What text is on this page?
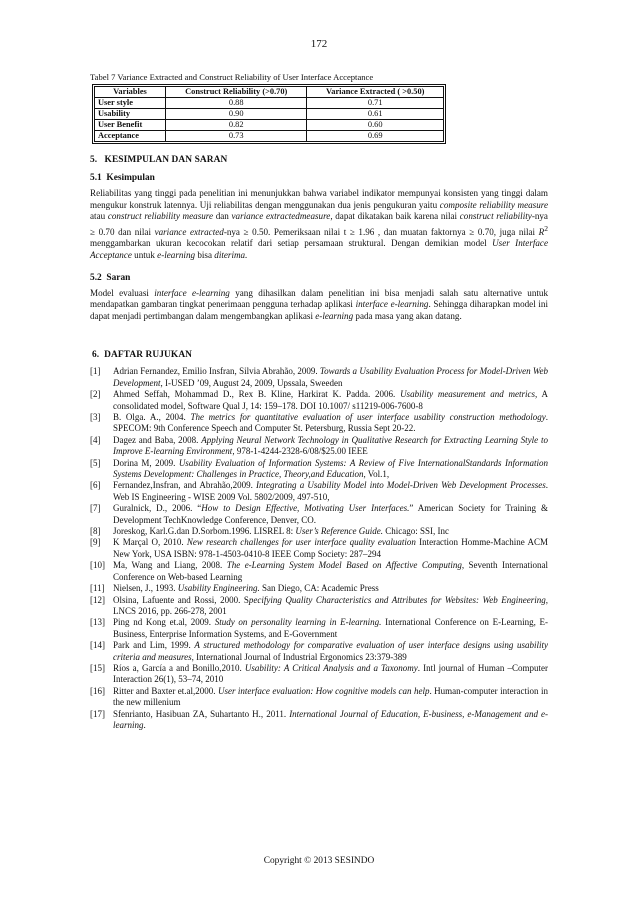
172

Tabel 7 Variance Extracted and Construct Reliability of User Interface Acceptance

Variables	Construct Reliability (>0.70)	Variance Extracted ( >0.50)
User style	0.88	0.71
Usability	0.90	0.61
User Benefit	0.82	0.60
Acceptance	0.73	0.69
5.   KESIMPULAN DAN SARAN
5.1  Kesimpulan

Reliabilitas yang tinggi pada penelitian ini menunjukkan bahwa variabel indikator mempunyai konsisten yang tinggi dalam mengukur konstruk latennya. Uji reliabilitas dengan menggunakan dua jenis pengukuran yaitu composite reliability measure atau construct reliability measure dan variance extractedmeasure, dapat dikatakan baik karena nilai construct reliability-nya ≥ 0.70 dan nilai variance extracted-nya ≥ 0.50. Pemeriksaan nilai t ≥ 1.96 , dan muatan faktornya ≥ 0.70, juga nilai $R^2$ menggambarkan ukuran kecocokan relatif dari setiap persamaan struktural. Dengan demikian model User Interface Acceptance untuk e-learning bisa diterima.

5.2  Saran

Model evaluasi interface e-learning yang dihasilkan dalam penelitian ini bisa menjadi salah satu alternative untuk mendapatkan gambaran tingkat penerimaan pengguna terhadap aplikasi interface e-learning. Sehingga diharapkan model ini dapat menjadi pertimbangan dalam mengembangkan aplikasi e-learning pada masa yang akan datang.

6.  DAFTAR RUJUKAN
[1] Adrian Fernandez, Emilio Insfran, Silvia Abrahão, 2009. Towards a Usability Evaluation Process for Model-Driven Web Development, I-USED ’09, August 24, 2009, Upssala, Sweeden
[2] Ahmed Seffah, Mohammad D., Rex B. Kline, Harkirat K. Padda. 2006. Usability measurement and metrics, A consolidated model, Software Qual J, 14: 159–178. DOI 10.1007/ s11219-006-7600-8
[3] B. Olga. A., 2004. The metrics for quantitative evaluation of user interface usability construction methodology. SPECOM: 9th Conference Speech and Computer St. Petersburg, Russia Sept 20-22.
[4] Dagez and Baba, 2008. Applying Neural Network Technology in Qualitative Research for Extracting Learning Style to Improve E-learning Environment, 978-1-4244-2328-6/08/$25.00 IEEE
[5] Dorina M, 2009. Usability Evaluation of Information Systems: A Review of Five InternationalStandards Information Systems Development: Challenges in Practice, Theory,and Education, Vol.1,
[6] Fernandez,Insfran, and Abrahão,2009. Integrating a Usability Model into Model-Driven Web Development Processes. Web IS Engineering - WISE 2009 Vol. 5802/2009, 497-510,
[7] Guralnick, D., 2006. “How to Design Effective, Motivating User Interfaces.” American Society for Training & Development TechKnowledge Conference, Denver, CO.
[8] Joreskog, Karl.G.dan D.Sorbom.1996. LISREL 8: User’s Reference Guide. Chicago: SSI, Inc
[9] K Marçal O, 2010. New research challenges for user interface quality evaluation Interaction Homme-Machine ACM New York, USA ISBN: 978-1-4503-0410-8 IEEE Comp Society: 287–294
[10] Ma, Wang and Liang, 2008. The e-Learning System Model Based on Affective Computing, Seventh International Conference on Web-based Learning
[11] Nielsen, J., 1993. Usability Engineering. San Diego, CA: Academic Press
[12] Olsina, Lafuente and Rossi, 2000. Specifying Quality Characteristics and Attributes for Websites: Web Engineering, LNCS 2016, pp. 266-278, 2001
[13] Ping nd Kong et.al, 2009. Study on personality learning in E-learning. International Conference on E-Learning, E-Business, Enterprise Information Systems, and E-Government
[14] Park and Lim, 1999. A structured methodology for comparative evaluation of user interface designs using usability criteria and measures, International Journal of Industrial Ergonomics 23:379-389
[15] Ríos a, García a and Bonillo,2010. Usability: A Critical Analysis and a Taxonomy. Intl journal of Human –Computer Interaction 26(1), 53–74, 2010
[16] Ritter and Baxter et.al,2000. User interface evaluation: How cognitive models can help. Human-computer interaction in the new millenium
[17] Sfenrianto, Hasibuan ZA, Suhartanto H., 2011. International Journal of Education, E-business, e-Management and e-learning.
Copyright © 2013 SESINDO
